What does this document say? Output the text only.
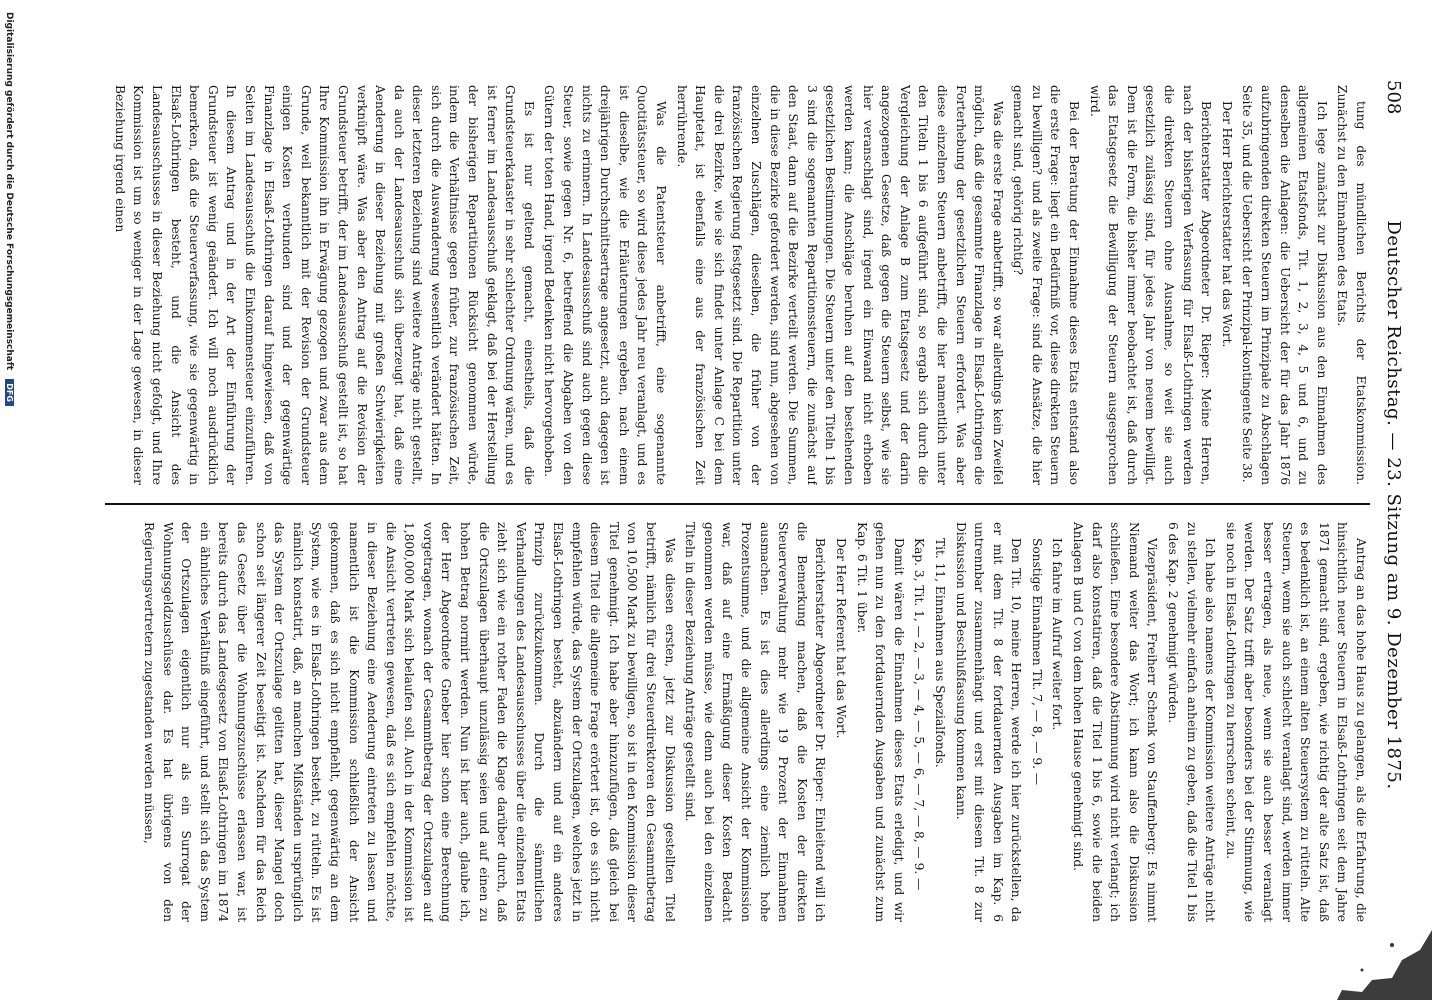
508
Deutscher Reichstag. — 23. Sitzung am 9. Dezember 1875.

tung des mündlichen Berichts der Etatskommission. Zunächst zu den Einnahmen des Etats.

Ich lege zunächst zur Diskussion aus den Einnahmen des allgemeinen Etatsfonds, Tit. 1, 2, 3, 4, 5 und 6, und zu denselben die Anlagen: die Uebersicht der für das Jahr 1876 aufzubringenden direkten Steuern im Prinzipale zu Abschlagen Seite 35, und die Uebersicht der Prinzipal-kontingente Seite 38.

Der Herr Berichterstatter hat das Wort.

Berichterstatter Abgeordneter Dr. Rieper: Meine Herren, nach der bisherigen Verfassung für Elsaß-Lothringen werden die direkten Steuern ohne Ausnahme, so weit sie auch gesetzlich zulässig sind, für jedes Jahr von neuem bewilligt. Dem ist die Form, die bisher immer beobachtet ist, daß durch das Etatsgesetz die Bewilligung der Steuern ausgesprochen wird.

Bei der Beratung der Einnahme dieses Etats entstand also die erste Frage: liegt ein Bedürfniß vor, diese direkten Steuern zu bewilligen? und als zweite Frage: sind die Ansätze, die hier gemacht sind, gehörig richtig?

Was die erste Frage anbetrifft, so war allerdings kein Zweifel möglich, daß die gesammte Finanzlage in Elsaß-Lothringen die Forterhebung der gesetzlichen Steuern erfordert. Was aber diese einzelnen Steuern anbetrifft, die hier namentlich unter den Titeln 1 bis 6 aufgeführt sind, so ergab sich durch die Vergleichung der Anlage B zum Etatsgesetz und der darin angezogenen Gesetze, daß gegen die Steuern selbst, wie sie hier veranschlagt sind, irgend ein Einwand nicht erhoben werden kann; die Anschläge beruhen auf den bestehenden gesetzlichen Bestimmungen. Die Steuern unter den Titeln 1 bis 3 sind die sogenannten Repartitionssteuern, die zunächst auf den Staat, dann auf die Bezirke verteilt werden. Die Summen, die in diese Bezirke gefordert werden, sind nun, abgesehen von einzelnen Zuschlägen, dieselben, die früher von der französischen Regierung festgesetzt sind. Die Repartition unter die drei Bezirke, wie sie sich findet unter Anlage C bei dem Hauptetat, ist ebenfalls eine aus der französischen Zeit herrührende.

Was die Patentsteuer anbetrifft, eine sogenannte Quotitätssteuer, so wird diese jedes Jahr neu veranlagt, und es ist dieselbe, wie die Erläuterungen ergeben, nach einem dreijährigen Durchschnittsertrage angesetzt, auch dagegen ist nichts zu erinnern. In Landesausschuß sind auch gegen diese Steuer, sowie gegen Nr. 6, betreffend die Abgaben von den Gütern der toten Hand, irgend Bedenken nicht hervorgehoben.

Es ist nur geltend gemacht, einestheils, daß die Grundsteuerkataster in sehr schlechter Ordnung wären, und es ist ferner im Landesausschuß geklagt, daß bei der Herstellung der bisherigen Repartitionen Rücksicht genommen würde, indem die Verhältnisse gegen früher, zur französischen Zeit, sich durch die Auswanderung wesentlich verändert hätten. In dieser letzteren Beziehung sind weitere Anträge nicht gestellt, da auch der Landesausschuß sich überzeugt hat, daß eine Aenderung in dieser Beziehung mit großen Schwierigkeiten verknüpft wäre. Was aber den Antrag auf die Revision der Grundsteuer betrifft, der im Landesausschuß gestellt ist, so hat Ihre Kommission ihn in Erwägung gezogen und zwar aus dem Grunde, weil bekanntlich mit der Revision der Grundsteuer einigen Kosten verbunden sind und der gegenwärtige Finanzlage in Elsaß-Lothringen darauf hingewiesen, daß von Seiten im Landesausschuß die Einkommensteuer einzuführen. In diesem Antrag und in der Art der Einführung der Grundsteuer ist wenig geändert. Ich will noch ausdrücklich bemerken, daß die Steuerverfassung, wie sie gegenwärtig in Elsaß-Lothringen besteht, und die Ansicht des Landesausschusses in dieser Beziehung nicht gefolgt, und Ihre Kommission ist um so weniger in der Lage gewesen, in dieser Beziehung irgend einen

Antrag an das hohe Haus zu gelangen, als die Erfahrung, die hinsichtlich neuer Steuern in Elsaß-Lothringen seit dem Jahre 1871 gemacht sind, ergeben, wie richtig der alte Satz ist, daß es bedenklich ist, an einem alten Steuersystem zu rütteln. Alte Steuern, wenn sie auch schlecht veranlagt sind, werden immer besser ertragen, als neue, wenn sie auch besser veranlagt werden. Der Satz trifft aber besonders bei der Stimmung, wie sie noch in Elsaß-Lothringen zu herrschen scheint, zu.

Ich habe also namens der Kommission weitere Anträge nicht zu stellen, vielmehr einfach anheim zu geben, daß die Titel 1 bis 6 des Kap. 2 genehmigt würden.

Vizepräsident, Freiherr Schenk von Stauffenberg: Es nimmt Niemand weiter das Wort; ich kann also die Diskussion schließen. Eine besondere Abstimmung wird nicht verlangt; ich darf also konstatiren, daß die Titel 1 bis 6, sowie die beiden Anlagen B und C von dem hohen Hause genehmigt sind.

Ich fahre im Aufruf weiter fort.

Sonstige Einnahmen Tit. 7, — 8, — 9. —

Den Tit. 10, meine Herren, werde ich hier zurückstellen, da er mit dem Tit. 8 der fortdauernden Ausgaben im Kap. 6 untrennbar zusammenhängt und erst mit diesem Tit. 8 zur Diskussion und Beschlußfassung kommen kann.

Tit. 11, Einnahmen aus Spezialfonds.

Kap. 3, Tit. 1, — 2, — 3, — 4, — 5, — 6, — 7, — 8, — 9. —

Damit wären die Einnahmen dieses Etats erledigt, und wir gehen nun zu den fortdauernden Ausgaben und zunächst zum Kap. 6 Tit. 1 über.

Der Herr Referent hat das Wort.

Berichterstatter Abgeordneter Dr. Rieper: Einleitend will ich die Bemerkung machen, daß die Kosten der direkten Steuerverwaltung mehr wie 19 Prozent der Einnahmen ausmachen. Es ist dies allerdings eine ziemlich hohe Prozentsumme, und die allgemeine Ansicht der Kommission war, daß auf eine Ermäßigung dieser Kosten Bedacht genommen werden müsse, wie denn auch bei den einzelnen Titeln in dieser Beziehung Anträge gestellt sind.

Was diesen ersten, jetzt zur Diskussion gestellten Titel betrifft, nämlich für drei Steuerdirektoren den Gesammtbetrag von 10,500 Mark zu bewilligen, so ist in den Kommission dieser Titel genehmigt. Ich habe aber hinzuzufügen, daß gleich bei diesem Titel die allgemeine Frage erörtert ist, ob es sich nicht empfehlen würde, das System der Ortszulagen, welches jetzt in Elsaß-Lothringen besteht, abzuändern und auf ein anderes Prinzip zurückzukommen. Durch die sämmtlichen Verhandlungen des Landesausschusses über die einzelnen Etats zieht sich wie ein rother Faden die Klage darüber durch, daß die Ortszulagen überhaupt unzulässig seien und auf einen zu hohen Betrag normirt werden. Nun ist hier auch, glaube ich, der Herr Abgeordnete Gneber hier schon eine Berechnung vorgetragen, wonach der Gesammtbetrag der Ortszulagen auf 1,800,000 Mark sich belaufen soll. Auch in der Kommission ist die Ansicht vertreten gewesen, daß es sich empfehlen möchte, in dieser Beziehung eine Aenderung eintreten zu lassen und namentlich ist die Kommission schließlich der Ansicht gekommen, daß es sich nicht empfiehlt, gegenwärtig an dem System, wie es in Elsaß-Lothringen besteht, zu rütteln. Es ist nämlich konstatirt, daß, an manchen Mißständen ursprünglich das System der Ortszulage gelitten hat, dieser Mangel doch schon seit längerer Zeit beseitigt ist. Nachdem für das Reich das Gesetz über die Wohnungszuschüsse erlassen war, ist bereits durch das Landesgesetz von Elsaß-Lothringen im 1874 ein ähnliches Verhältniß eingeführt, und stellt sich das System der Ortszulagen eigentlich nur als ein Surrogat der Wohnungsgeldzuschüsse dar. Es hat übrigens von den Regierungsvertretern zugestanden werden müssen,

Digitalisierung gefördert durch die Deutsche Forschungsgemeinschaft DFG
